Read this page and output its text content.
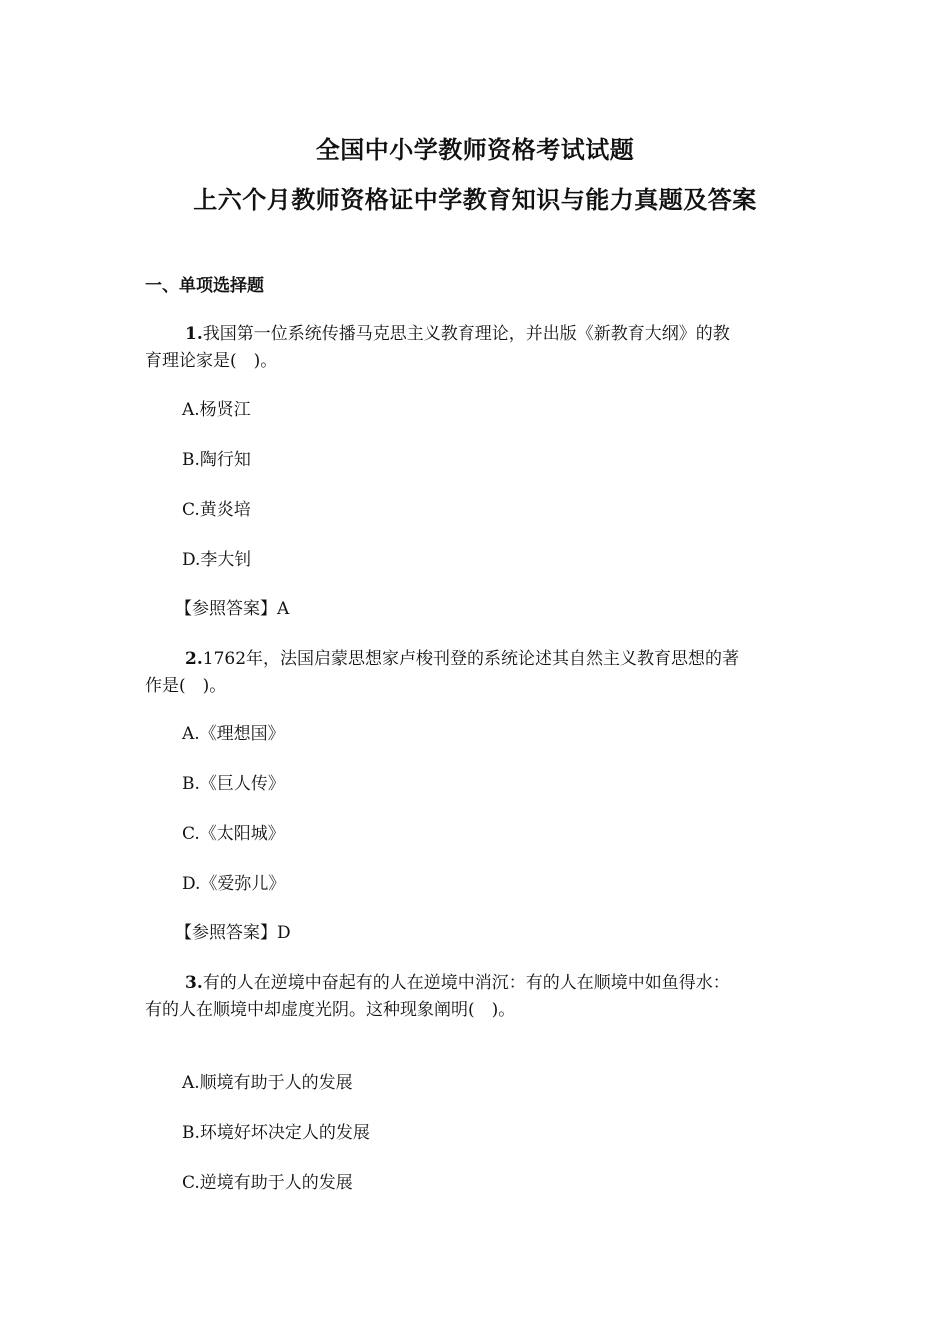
全国中小学教师资格考试试题
上六个月教师资格证中学教育知识与能力真题及答案
一、单项选择题
1.我国第一位系统传播马克思主义教育理论，并出版《新教育大纲》的教
育理论家是(　)。
A.杨贤江
B.陶行知
C.黄炎培
D.李大钊
【参照答案】A
2.1762年，法国启蒙思想家卢梭刊登的系统论述其自然主义教育思想的著
作是(　)。
A.《理想国》
B.《巨人传》
C.《太阳城》
D.《爱弥儿》
【参照答案】D
3.有的人在逆境中奋起有的人在逆境中消沉：有的人在顺境中如鱼得水：
有的人在顺境中却虚度光阴。这种现象阐明(　)。
A.顺境有助于人的发展
B.环境好坏决定人的发展
C.逆境有助于人的发展
